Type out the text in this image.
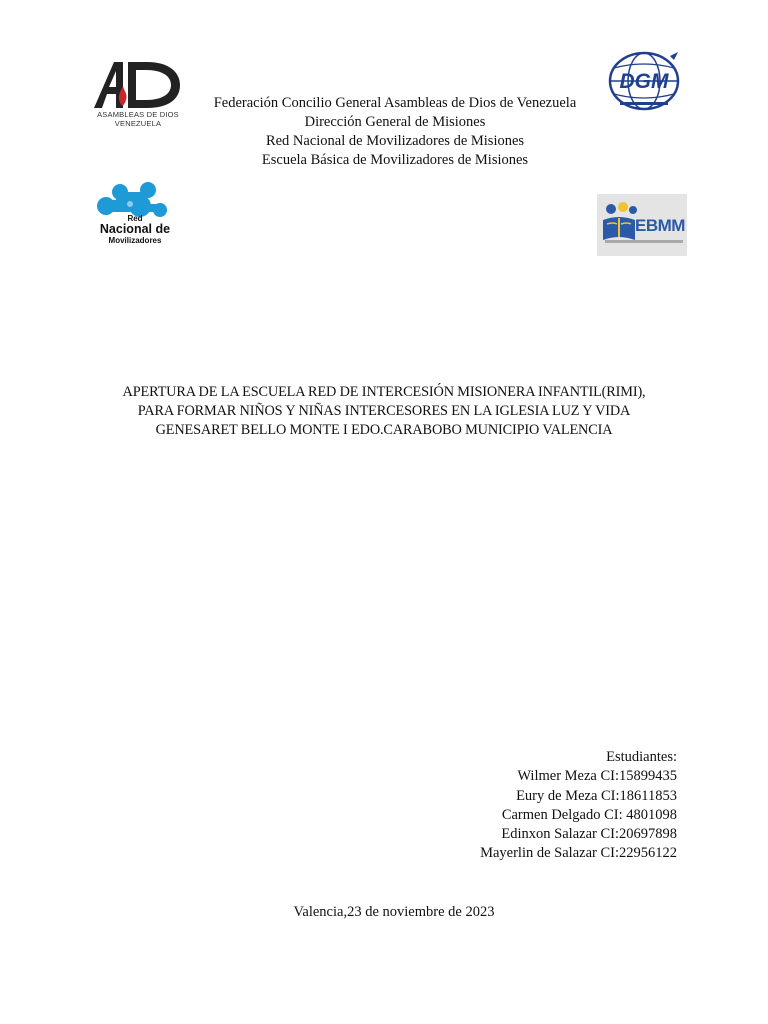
ASAMBLEAS DE DIOS
VENEZUELA
DGM
Federación Concilio General Asambleas de Dios de Venezuela
Dirección General de Misiones
Red Nacional de Movilizadores de Misiones
Escuela Básica de Movilizadores de Misiones
Red
Nacional de
Movilizadores
EBMM
APERTURA DE LA ESCUELA RED DE INTERCESIÓN MISIONERA INFANTIL(RIMI),
PARA FORMAR NIÑOS Y NIÑAS INTERCESORES EN LA IGLESIA LUZ Y VIDA
GENESARET BELLO MONTE I EDO.CARABOBO MUNICIPIO VALENCIA
Estudiantes:
Wilmer Meza CI:15899435
Eury de Meza CI:18611853
Carmen Delgado CI: 4801098
Edinxon Salazar CI:20697898
Mayerlin de Salazar CI:22956122
Valencia,23 de noviembre de 2023
